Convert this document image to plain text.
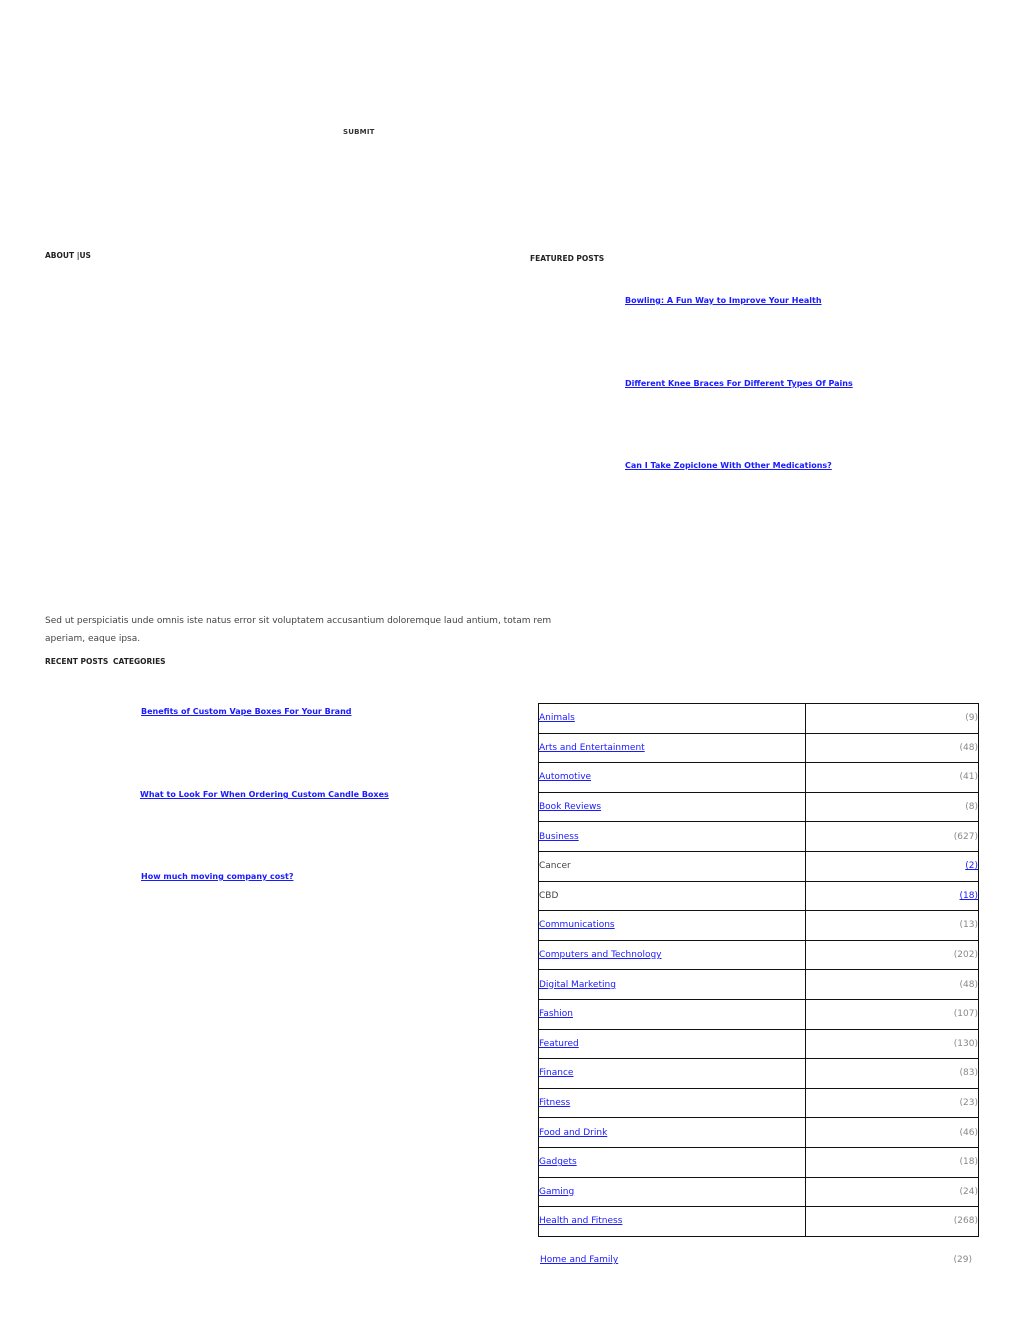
SUBMIT
ABOUT |US	FEATURED POSTS
Bowling: A Fun Way to Improve Your Health
Different Knee Braces For Different Types Of Pains
Can I Take Zopiclone With Other Medications?
Sed ut perspiciatis unde omnis iste natus error sit voluptatem accusantium doloremque laud antium, totam rem aperiam, eaque ipsa.
RECENT POSTS CATEGORIES
Benefits of Custom Vape Boxes For Your Brand
What to Look For When Ordering Custom Candle Boxes
How much moving company cost?
Animals	(9)
Arts and Entertainment	(48)
Automotive	(41)
Book Reviews	(8)
Business	(627)
Cancer	(2)
CBD	(18)
Communications	(13)
Computers and Technology	(202)
Digital Marketing	(48)
Fashion	(107)
Featured	(130)
Finance	(83)
Fitness	(23)
Food and Drink	(46)
Gadgets	(18)
Gaming	(24)
Health and Fitness	(268)
Home and Family	(29)
